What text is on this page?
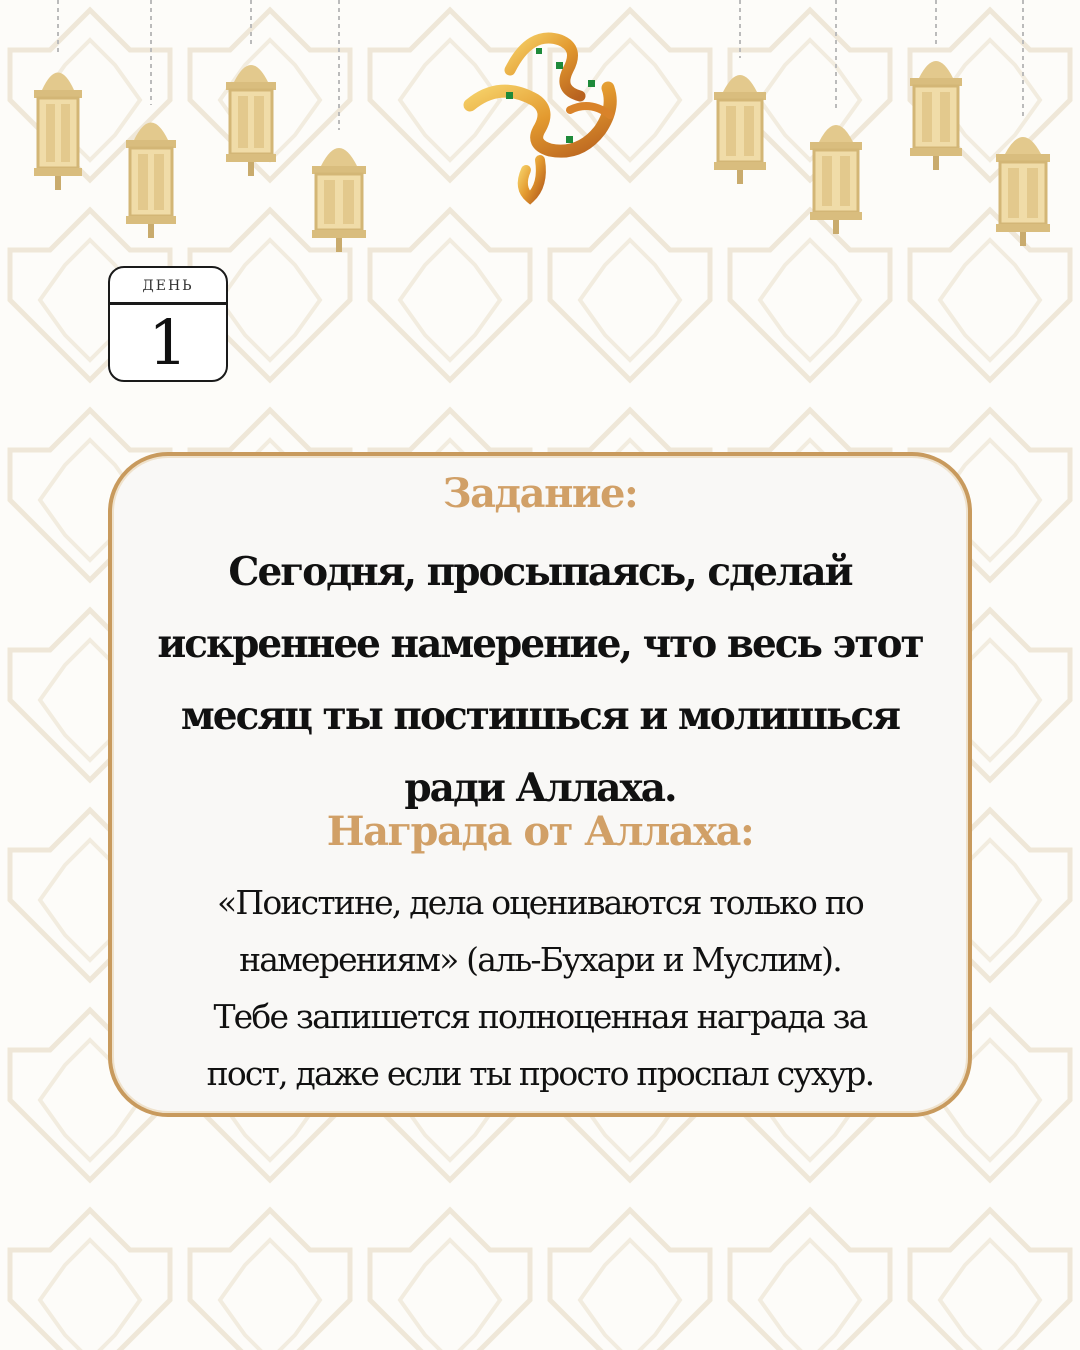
ДЕНЬ
1
Задание:
Сегодня, просыпаясь, сделай
искреннее намерение, что весь этот
месяц ты постишься и молишься
ради Аллаха.
Награда от Аллаха:
«Поистине, дела оцениваются только по
намерениям» (аль-Бухари и Муслим).
Тебе запишется полноценная награда за
пост, даже если ты просто проспал сухур.
